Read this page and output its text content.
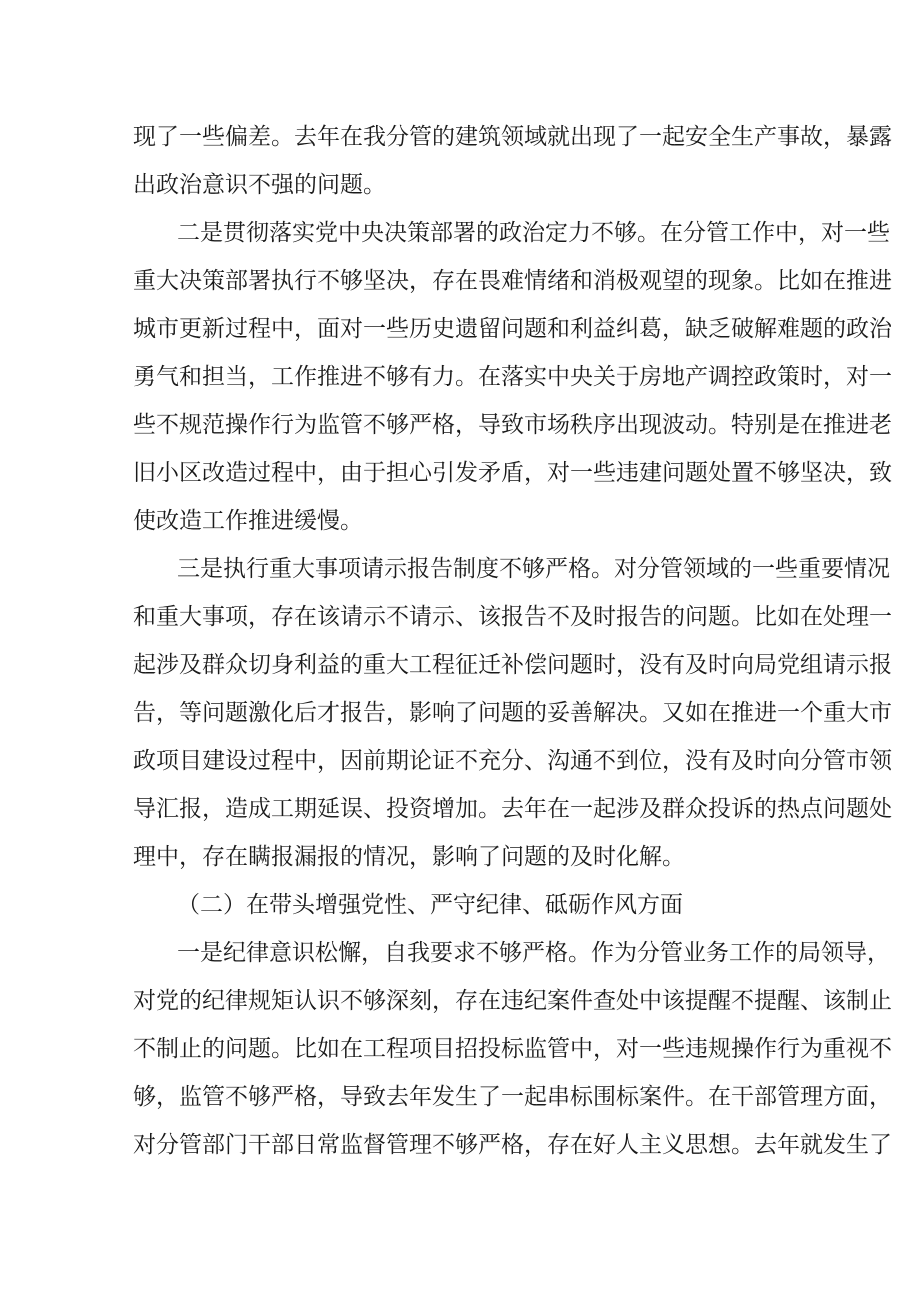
现了一些偏差。去年在我分管的建筑领域就出现了一起安全生产事故，暴露
出政治意识不强的问题。
二是贯彻落实党中央决策部署的政治定力不够。在分管工作中，对一些
重大决策部署执行不够坚决，存在畏难情绪和消极观望的现象。比如在推进
城市更新过程中，面对一些历史遗留问题和利益纠葛，缺乏破解难题的政治
勇气和担当，工作推进不够有力。在落实中央关于房地产调控政策时，对一
些不规范操作行为监管不够严格，导致市场秩序出现波动。特别是在推进老
旧小区改造过程中，由于担心引发矛盾，对一些违建问题处置不够坚决，致
使改造工作推进缓慢。
三是执行重大事项请示报告制度不够严格。对分管领域的一些重要情况
和重大事项，存在该请示不请示、该报告不及时报告的问题。比如在处理一
起涉及群众切身利益的重大工程征迁补偿问题时，没有及时向局党组请示报
告，等问题激化后才报告，影响了问题的妥善解决。又如在推进一个重大市
政项目建设过程中，因前期论证不充分、沟通不到位，没有及时向分管市领
导汇报，造成工期延误、投资增加。去年在一起涉及群众投诉的热点问题处
理中，存在瞒报漏报的情况，影响了问题的及时化解。
（二）在带头增强党性、严守纪律、砥砺作风方面
一是纪律意识松懈，自我要求不够严格。作为分管业务工作的局领导，
对党的纪律规矩认识不够深刻，存在违纪案件查处中该提醒不提醒、该制止
不制止的问题。比如在工程项目招投标监管中，对一些违规操作行为重视不
够，监管不够严格，导致去年发生了一起串标围标案件。在干部管理方面，
对分管部门干部日常监督管理不够严格，存在好人主义思想。去年就发生了
